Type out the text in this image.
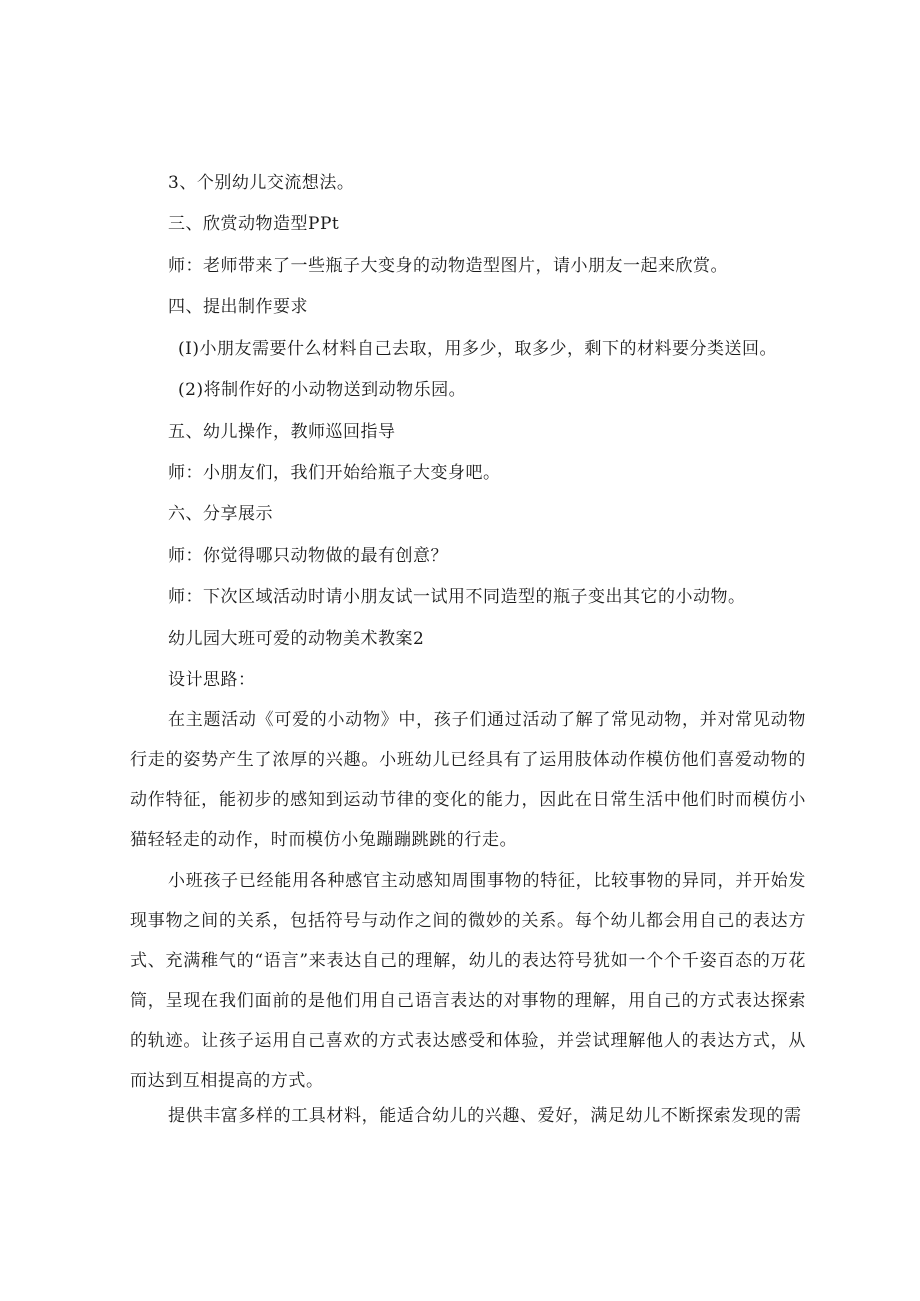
3、个别幼儿交流想法。
三、欣赏动物造型PPt
师：老师带来了一些瓶子大变身的动物造型图片，请小朋友一起来欣赏。
四、提出制作要求
(I)小朋友需要什么材料自己去取，用多少，取多少，剩下的材料要分类送回。
(2)将制作好的小动物送到动物乐园。
五、幼儿操作，教师巡回指导
师：小朋友们，我们开始给瓶子大变身吧。
六、分享展示
师：你觉得哪只动物做的最有创意？
师：下次区域活动时请小朋友试一试用不同造型的瓶子变出其它的小动物。
幼儿园大班可爱的动物美术教案2
设计思路：
在主题活动《可爱的小动物》中，孩子们通过活动了解了常见动物，并对常见动物行走的姿势产生了浓厚的兴趣。小班幼儿已经具有了运用肢体动作模仿他们喜爱动物的动作特征，能初步的感知到运动节律的变化的能力，因此在日常生活中他们时而模仿小猫轻轻走的动作，时而模仿小兔蹦蹦跳跳的行走。
小班孩子已经能用各种感官主动感知周围事物的特征，比较事物的异同，并开始发现事物之间的关系，包括符号与动作之间的微妙的关系。每个幼儿都会用自己的表达方式、充满稚气的“语言”来表达自己的理解，幼儿的表达符号犹如一个个千姿百态的万花筒，呈现在我们面前的是他们用自己语言表达的对事物的理解，用自己的方式表达探索的轨迹。让孩子运用自己喜欢的方式表达感受和体验，并尝试理解他人的表达方式，从而达到互相提高的方式。
提供丰富多样的工具材料，能适合幼儿的兴趣、爱好，满足幼儿不断探索发现的需
